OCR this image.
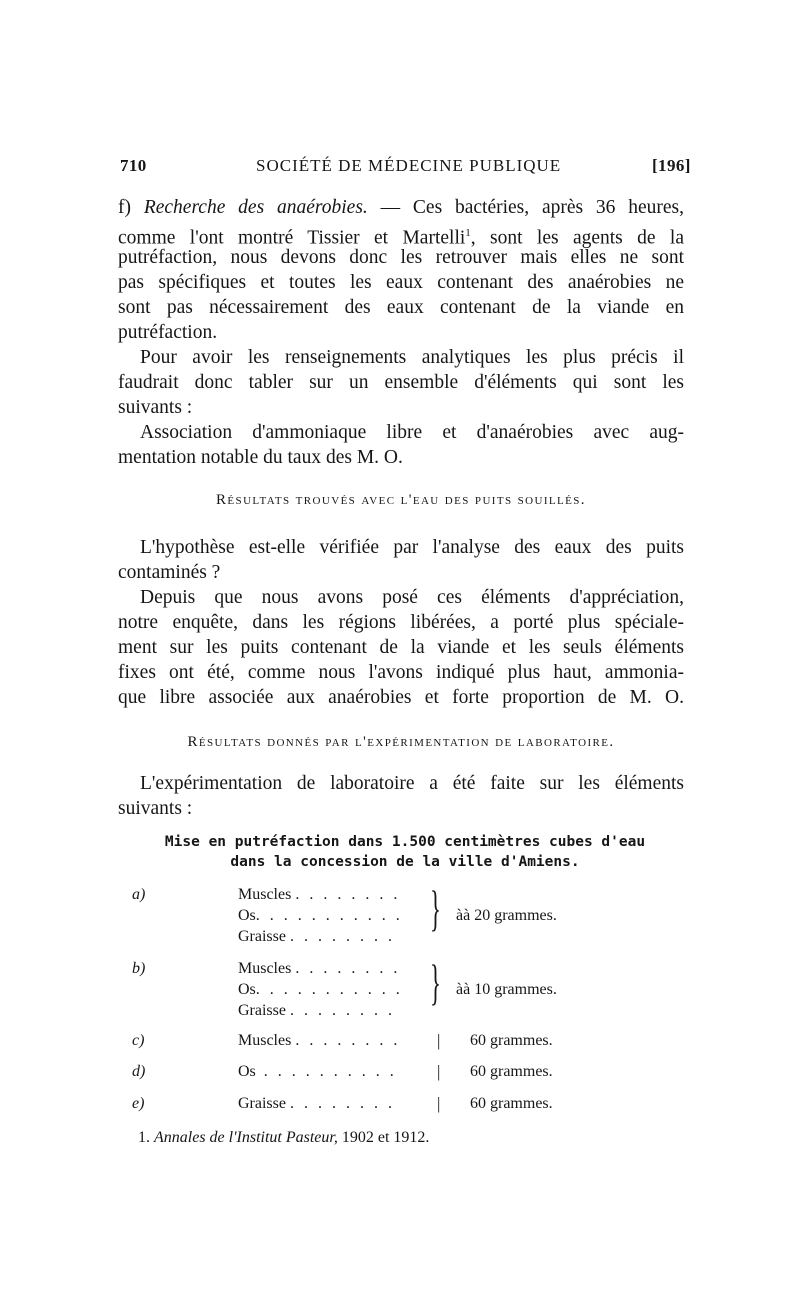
710	SOCIÉTÉ DE MÉDECINE PUBLIQUE	[196]
f) Recherche des anaérobies. — Ces bactéries, après 36 heures,
comme l'ont montré Tissier et Martelli$^1$, sont les agents de la
putréfaction, nous devons donc les retrouver mais elles ne sont
pas spécifiques et toutes les eaux contenant des anaérobies ne
sont pas nécessairement des eaux contenant de la viande en
putréfaction.
Pour avoir les renseignements analytiques les plus précis il
faudrait donc tabler sur un ensemble d'éléments qui sont les
suivants :
Association d'ammoniaque libre et d'anaérobies avec aug-
mentation notable du taux des M. O.
Résultats trouvés avec l'eau des puits souillés.
L'hypothèse est-elle vérifiée par l'analyse des eaux des puits
contaminés ?
Depuis que nous avons posé ces éléments d'appréciation,
notre enquête, dans les régions libérées, a porté plus spéciale-
ment sur les puits contenant de la viande et les seuls éléments
fixes ont été, comme nous l'avons indiqué plus haut, ammonia-
que libre associée aux anaérobies et forte proportion de M. O.
Résultats donnés par l'expérimentation de laboratoire.
L'expérimentation de laboratoire a été faite sur les éléments
suivants :
Mise en putréfaction dans 1.500 centimètres cubes d'eau
dans la concession de la ville d'Amiens.
a)	Muscles . . . . . . . .
Os. . . . . . . . . . .
Graisse . . . . . . . .
} àà 20 grammes.
b)	Muscles . . . . . . . .
Os. . . . . . . . . . .
Graisse . . . . . . . .
} àà 10 grammes.
c)	Muscles . . . . . . . . | 60 grammes.
d)	Os . . . . . . . . . . | 60 grammes.
e)	Graisse . . . . . . . . | 60 grammes.
1. Annales de l'Institut Pasteur, 1902 et 1912.
